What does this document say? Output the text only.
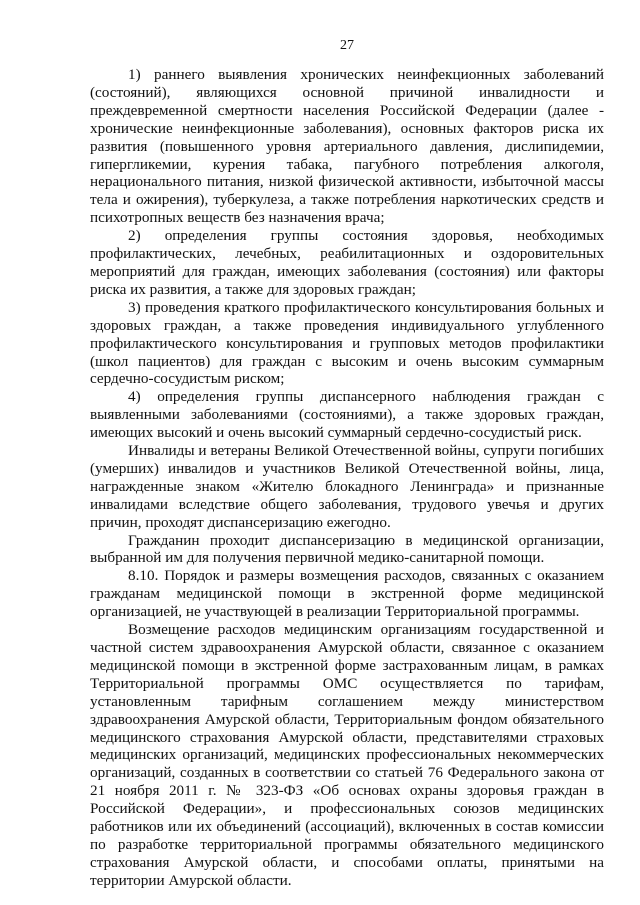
27

1) раннего выявления хронических неинфекционных заболеваний (состояний), являющихся основной причиной инвалидности и преждевременной смертности населения Российской Федерации (далее - хронические неинфекционные заболевания), основных факторов риска их развития (повышенного уровня артериального давления, дислипидемии, гипергликемии, курения табака, пагубного потребления алкоголя, нерационального питания, низкой физической активности, избыточной массы тела и ожирения), туберкулеза, а также потребления наркотических средств и психотропных веществ без назначения врача;

2) определения группы состояния здоровья, необходимых профилактических, лечебных, реабилитационных и оздоровительных мероприятий для граждан, имеющих заболевания (состояния) или факторы риска их развития, а также для здоровых граждан;

3) проведения краткого профилактического консультирования больных и здоровых граждан, а также проведения индивидуального углубленного профилактического консультирования и групповых методов профилактики (школ пациентов) для граждан с высоким и очень высоким суммарным сердечно-сосудистым риском;

4) определения группы диспансерного наблюдения граждан с выявленными заболеваниями (состояниями), а также здоровых граждан, имеющих высокий и очень высокий суммарный сердечно-сосудистый риск.

Инвалиды и ветераны Великой Отечественной войны, супруги погибших (умерших) инвалидов и участников Великой Отечественной войны, лица, награжденные знаком «Жителю блокадного Ленинграда» и признанные инвалидами вследствие общего заболевания, трудового увечья и других причин, проходят диспансеризацию ежегодно.

Гражданин проходит диспансеризацию в медицинской организации, выбранной им для получения первичной медико-санитарной помощи.

8.10. Порядок и размеры возмещения расходов, связанных с оказанием гражданам медицинской помощи в экстренной форме медицинской организацией, не участвующей в реализации Территориальной программы.

Возмещение расходов медицинским организациям государственной и частной систем здравоохранения Амурской области, связанное с оказанием медицинской помощи в экстренной форме застрахованным лицам, в рамках Территориальной программы ОМС осуществляется по тарифам, установленным тарифным соглашением между министерством здравоохранения Амурской области, Территориальным фондом обязательного медицинского страхования Амурской области, представителями страховых медицинских организаций, медицинских профессиональных некоммерческих организаций, созданных в соответствии со статьей 76 Федерального закона от 21 ноября 2011 г. № 323-ФЗ «Об основах охраны здоровья граждан в Российской Федерации», и профессиональных союзов медицинских работников или их объединений (ассоциаций), включенных в состав комиссии по разработке территориальной программы обязательного медицинского страхования Амурской области, и способами оплаты, принятыми на территории Амурской области.
